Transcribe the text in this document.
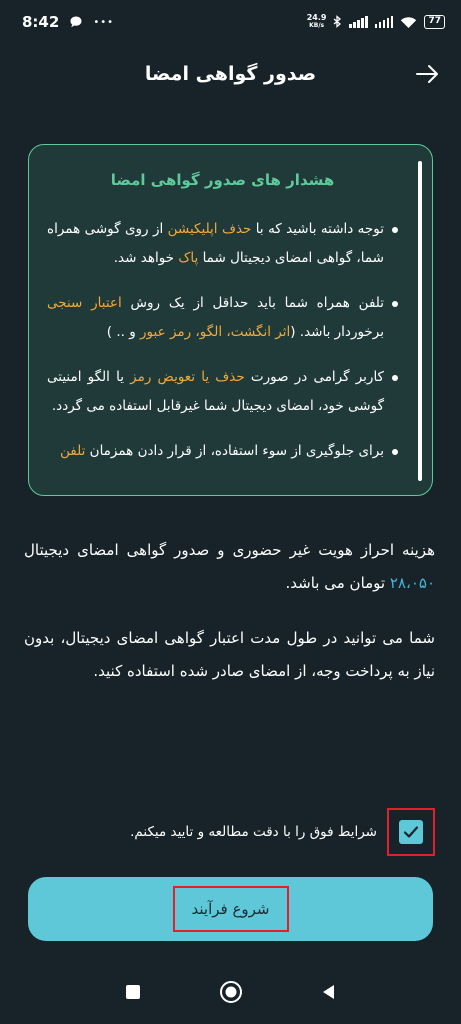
8:42	•••	24.9
KB/s	77
صدور گواهی امضا
هشدار های صدور گواهی امضا
توجه داشته باشید که با حذف اپلیکیشن از روی گوشی همراه شما، گواهی امضای دیجیتال شما پاک خواهد شد.
تلفن همراه شما باید حداقل از یک روش اعتبار سنجی برخوردار باشد. (اثر انگشت، الگو، رمز عبور و .. )
کاربر گرامی در صورت حذف یا تعویض رمز یا الگو امنیتی گوشی خود، امضای دیجیتال شما غیرقابل استفاده می گردد.
برای جلوگیری از سوء استفاده، از قرار دادن همزمان تلفن
هزینه احراز هویت غیر حضوری و صدور گواهی امضای دیجیتال ۲۸،۰۵۰ تومان می باشد.
شما می توانید در طول مدت اعتبار گواهی امضای دیجیتال، بدون نیاز به پرداخت وجه، از امضای صادر شده استفاده کنید.
شرایط فوق را با دقت مطالعه و تایید میکنم.
شروع فرآیند
